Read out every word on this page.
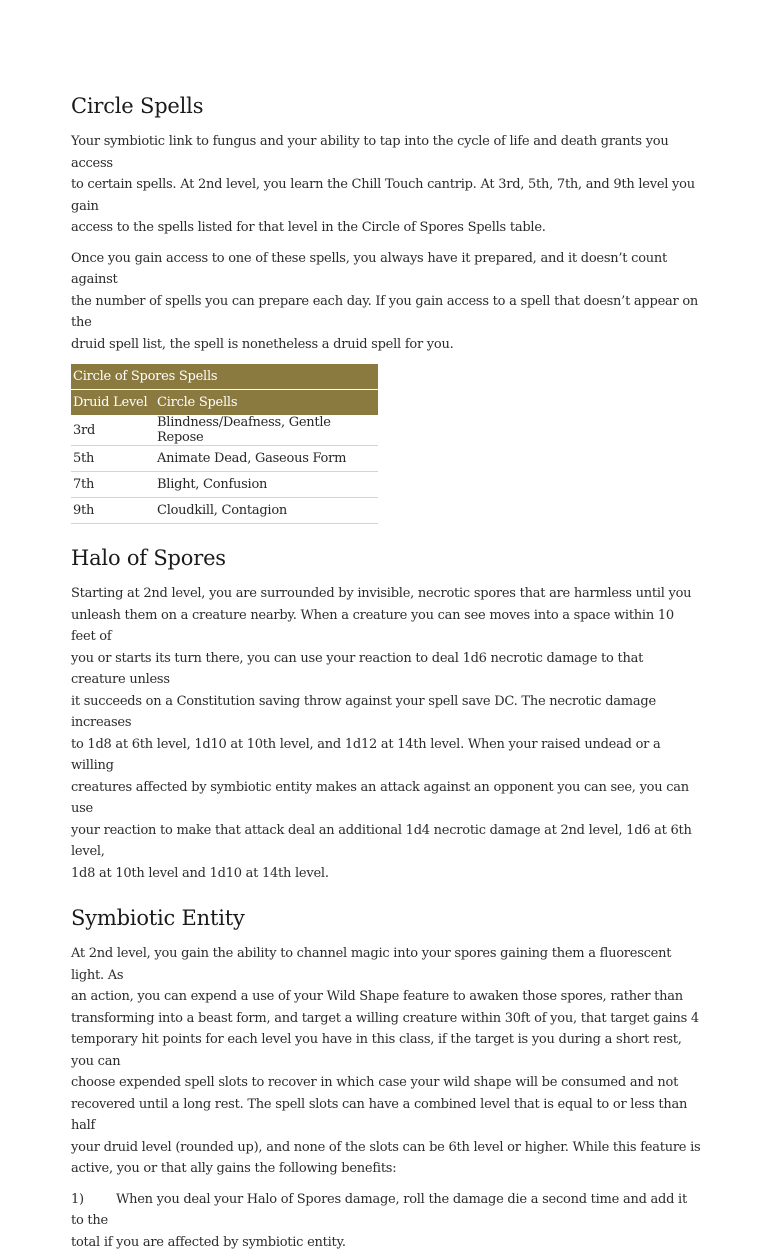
Circle Spells

Your symbiotic link to fungus and your ability to tap into the cycle of life and death grants you access
to certain spells. At 2nd level, you learn the Chill Touch cantrip. At 3rd, 5th, 7th, and 9th level you gain
access to the spells listed for that level in the Circle of Spores Spells table.

Once you gain access to one of these spells, you always have it prepared, and it doesn’t count against
the number of spells you can prepare each day. If you gain access to a spell that doesn’t appear on the
druid spell list, the spell is nonetheless a druid spell for you.

Circle of Spores Spells	
Druid Level	Circle Spells
3rd	Blindness/Deafness, Gentle Repose
5th	Animate Dead, Gaseous Form
7th	Blight, Confusion
9th	Cloudkill, Contagion
Halo of Spores

Starting at 2nd level, you are surrounded by invisible, necrotic spores that are harmless until you
unleash them on a creature nearby. When a creature you can see moves into a space within 10 feet of
you or starts its turn there, you can use your reaction to deal 1d6 necrotic damage to that creature unless
it succeeds on a Constitution saving throw against your spell save DC. The necrotic damage increases
to 1d8 at 6th level, 1d10 at 10th level, and 1d12 at 14th level. When your raised undead or a willing
creatures affected by symbiotic entity makes an attack against an opponent you can see, you can use
your reaction to make that attack deal an additional 1d4 necrotic damage at 2nd level, 1d6 at 6th level,
1d8 at 10th level and 1d10 at 14th level.

Symbiotic Entity

At 2nd level, you gain the ability to channel magic into your spores gaining them a fluorescent light. As
an action, you can expend a use of your Wild Shape feature to awaken those spores, rather than
transforming into a beast form, and target a willing creature within 30ft of you, that target gains 4
temporary hit points for each level you have in this class, if the target is you during a short rest, you can
choose expended spell slots to recover in which case your wild shape will be consumed and not
recovered until a long rest. The spell slots can have a combined level that is equal to or less than half
your druid level (rounded up), and none of the slots can be 6th level or higher. While this feature is
active, you or that ally gains the following benefits:

1) When you deal your Halo of Spores damage, roll the damage die a second time and add it to the
total if you are affected by symbiotic entity.
